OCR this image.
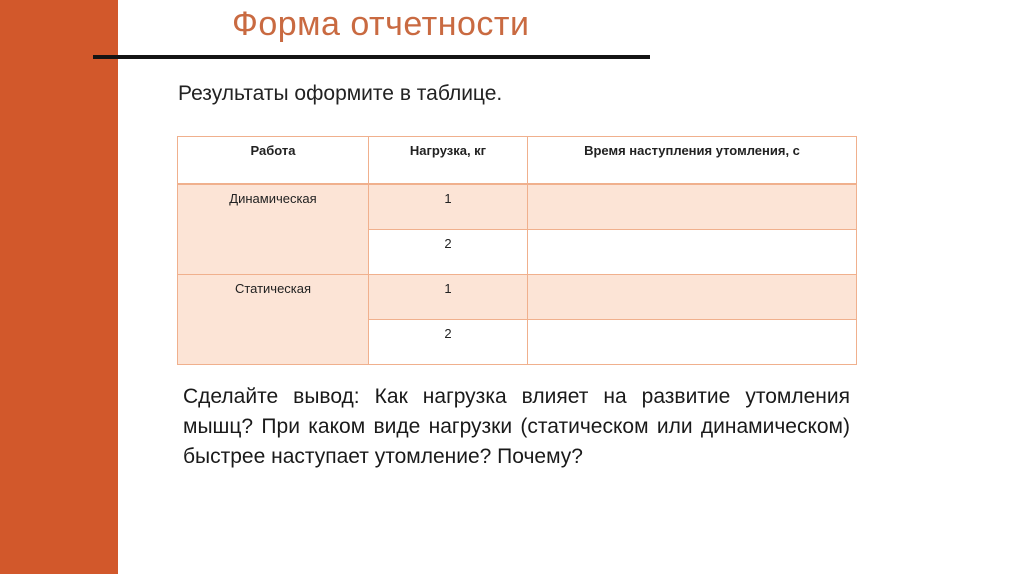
Форма отчетности
Результаты оформите в таблице.
Работа	Нагрузка, кг	Время наступления утомления, с
Динамическая	1	
	2	
Статическая	1	
	2	
Сделайте вывод: Как нагрузка влияет на развитие утомления мышц? При каком виде нагрузки (статическом или динамическом) быстрее наступает утомление? Почему?
